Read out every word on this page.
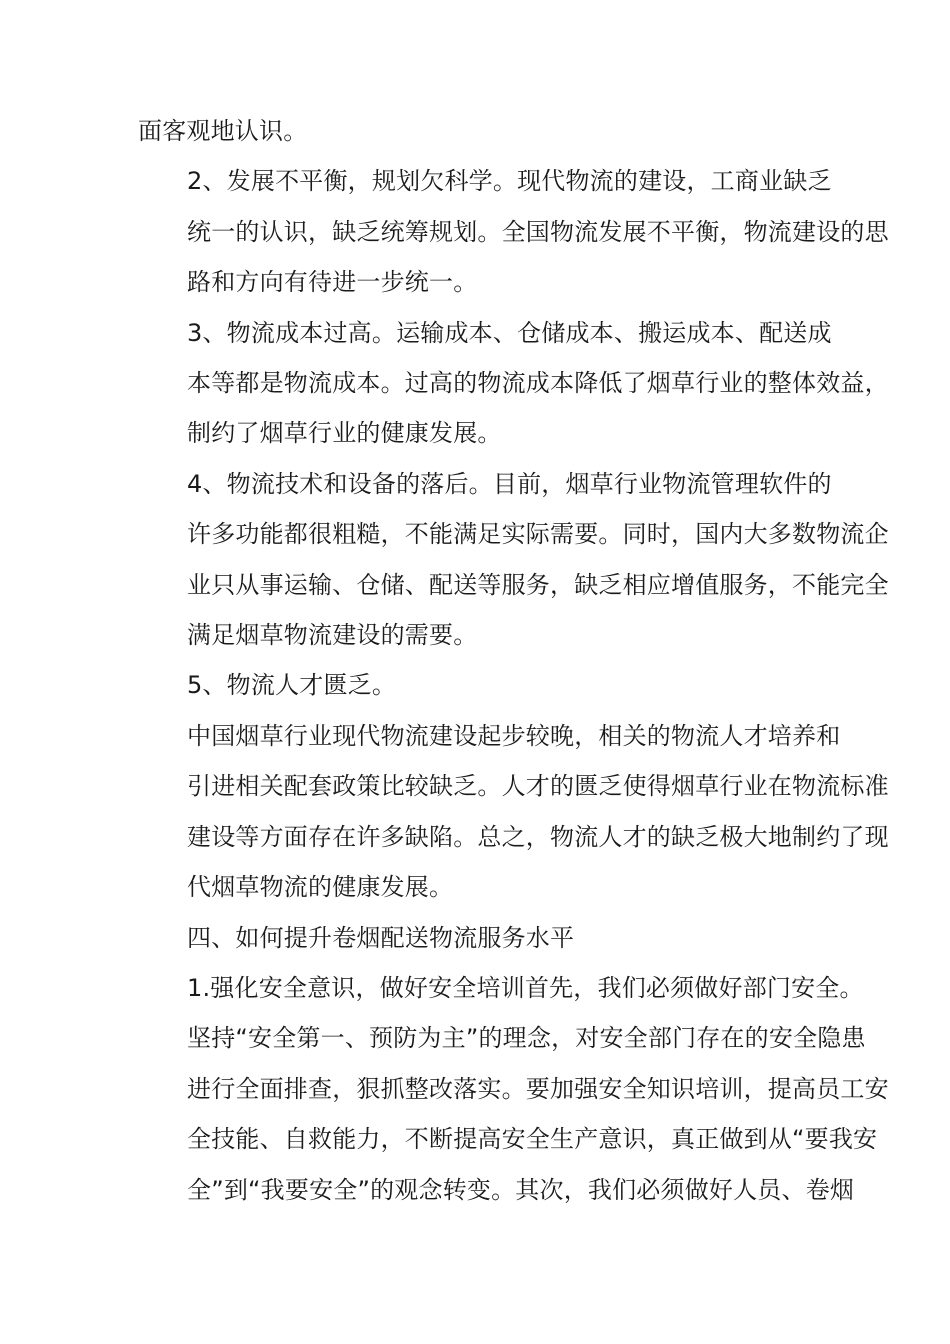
面客观地认识。
2、发展不平衡，规划欠科学。现代物流的建设，工商业缺乏
统一的认识，缺乏统筹规划。全国物流发展不平衡，物流建设的思
路和方向有待进一步统一。
3、物流成本过高。运输成本、仓储成本、搬运成本、配送成
本等都是物流成本。过高的物流成本降低了烟草行业的整体效益，
制约了烟草行业的健康发展。
4、物流技术和设备的落后。目前，烟草行业物流管理软件的
许多功能都很粗糙，不能满足实际需要。同时，国内大多数物流企
业只从事运输、仓储、配送等服务，缺乏相应增值服务，不能完全
满足烟草物流建设的需要。
5、物流人才匮乏。
中国烟草行业现代物流建设起步较晚，相关的物流人才培养和
引进相关配套政策比较缺乏。人才的匮乏使得烟草行业在物流标准
建设等方面存在许多缺陷。总之，物流人才的缺乏极大地制约了现
代烟草物流的健康发展。
四、如何提升卷烟配送物流服务水平
1.强化安全意识，做好安全培训首先，我们必须做好部门安全。
坚持“安全第一、预防为主”的理念，对安全部门存在的安全隐患
进行全面排查，狠抓整改落实。要加强安全知识培训，提高员工安
全技能、自救能力，不断提高安全生产意识，真正做到从“要我安
全”到“我要安全”的观念转变。其次，我们必须做好人员、卷烟
